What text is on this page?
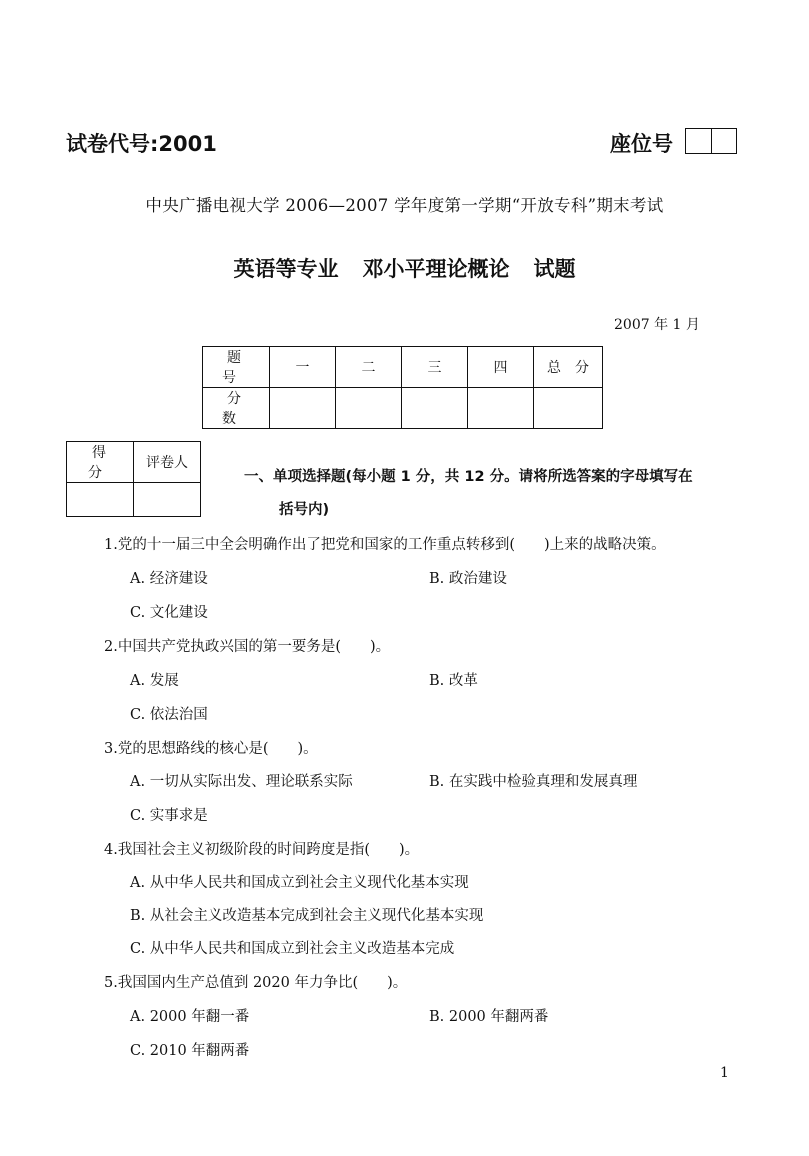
试卷代号:2001	座位号
中央广播电视大学 2006—2007 学年度第一学期“开放专科”期末考试
英语等专业 邓小平理论概论 试题
2007 年 1 月
题　号	一	二	三	四	总　分
分　数					
得 分	评卷人

一、单项选择题(每小题 1 分，共 12 分。请将所选答案的字母填写在
括号内)
1.党的十一届三中全会明确作出了把党和国家的工作重点转移到(　　)上来的战略决策。
A. 经济建设	B. 政治建设
C. 文化建设
2.中国共产党执政兴国的第一要务是(　　)。
A. 发展	B. 改革
C. 依法治国
3.党的思想路线的核心是(　　)。
A. 一切从实际出发、理论联系实际	B. 在实践中检验真理和发展真理
C. 实事求是
4.我国社会主义初级阶段的时间跨度是指(　　)。
A. 从中华人民共和国成立到社会主义现代化基本实现
B. 从社会主义改造基本完成到社会主义现代化基本实现
C. 从中华人民共和国成立到社会主义改造基本完成
5.我国国内生产总值到 2020 年力争比(　　)。
A. 2000 年翻一番	B. 2000 年翻两番
C. 2010 年翻两番
1
